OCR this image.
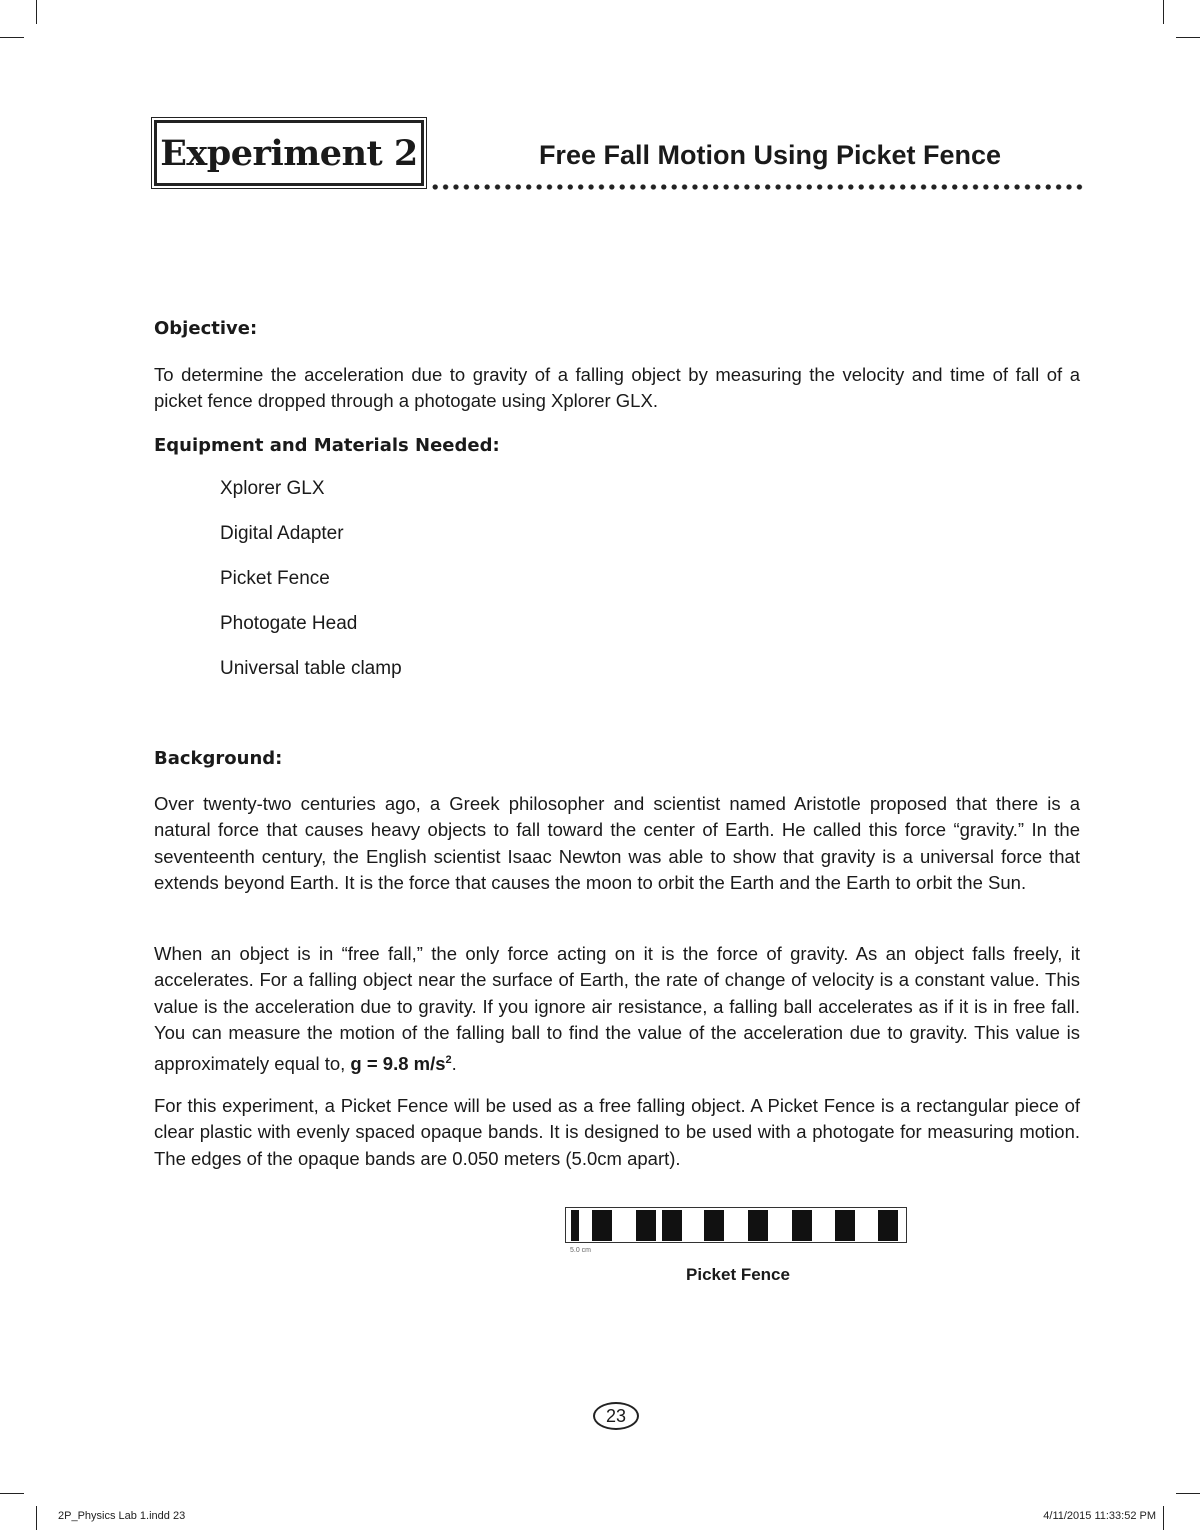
Experiment 2	Free Fall Motion Using Picket Fence
Objective:
To determine the acceleration due to gravity of a falling object by measuring the velocity and time of fall of a picket fence dropped through a photogate using Xplorer GLX.
Equipment and Materials Needed:
Xplorer GLX
Digital Adapter
Picket Fence
Photogate Head
Universal table clamp
Background:
Over twenty-two centuries ago, a Greek philosopher and scientist named Aristotle proposed that there is a natural force that causes heavy objects to fall toward the center of Earth. He called this force “gravity.” In the seventeenth century, the English scientist Isaac Newton was able to show that gravity is a universal force that extends beyond Earth. It is the force that causes the moon to orbit the Earth and the Earth to orbit the Sun.
When an object is in “free fall,” the only force acting on it is the force of gravity. As an object falls freely, it accelerates. For a falling object near the surface of Earth, the rate of change of velocity is a constant value. This value is the acceleration due to gravity. If you ignore air resistance, a falling ball accelerates as if it is in free fall. You can measure the motion of the falling ball to find the value of the acceleration due to gravity. This value is approximately equal to, g = 9.8 $m/s^2$.
For this experiment, a Picket Fence will be used as a free falling object. A Picket Fence is a rectangular piece of clear plastic with evenly spaced opaque bands. It is designed to be used with a photogate for measuring motion. The edges of the opaque bands are 0.050 meters (5.0cm apart).
5.0 cm
Picket Fence
23
2P_Physics Lab 1.indd 23	4/11/2015 11:33:52 PM
